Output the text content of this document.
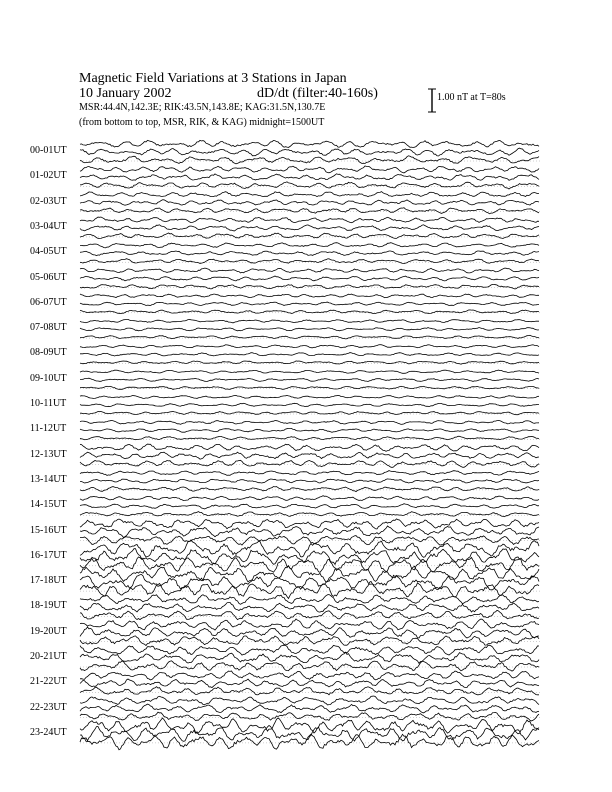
Magnetic Field Variations at 3 Stations in Japan
10 January 2002	dD/dt (filter:40-160s)
MSR:44.4N,142.3E; RIK:43.5N,143.8E; KAG:31.5N,130.7E
(from bottom to top, MSR, RIK, & KAG) midnight=1500UT
1.00 nT at T=80s
00-01UT
01-02UT
02-03UT
03-04UT
04-05UT
05-06UT
06-07UT
07-08UT
08-09UT
09-10UT
10-11UT
11-12UT
12-13UT
13-14UT
14-15UT
15-16UT
16-17UT
17-18UT
18-19UT
19-20UT
20-21UT
21-22UT
22-23UT
23-24UT
